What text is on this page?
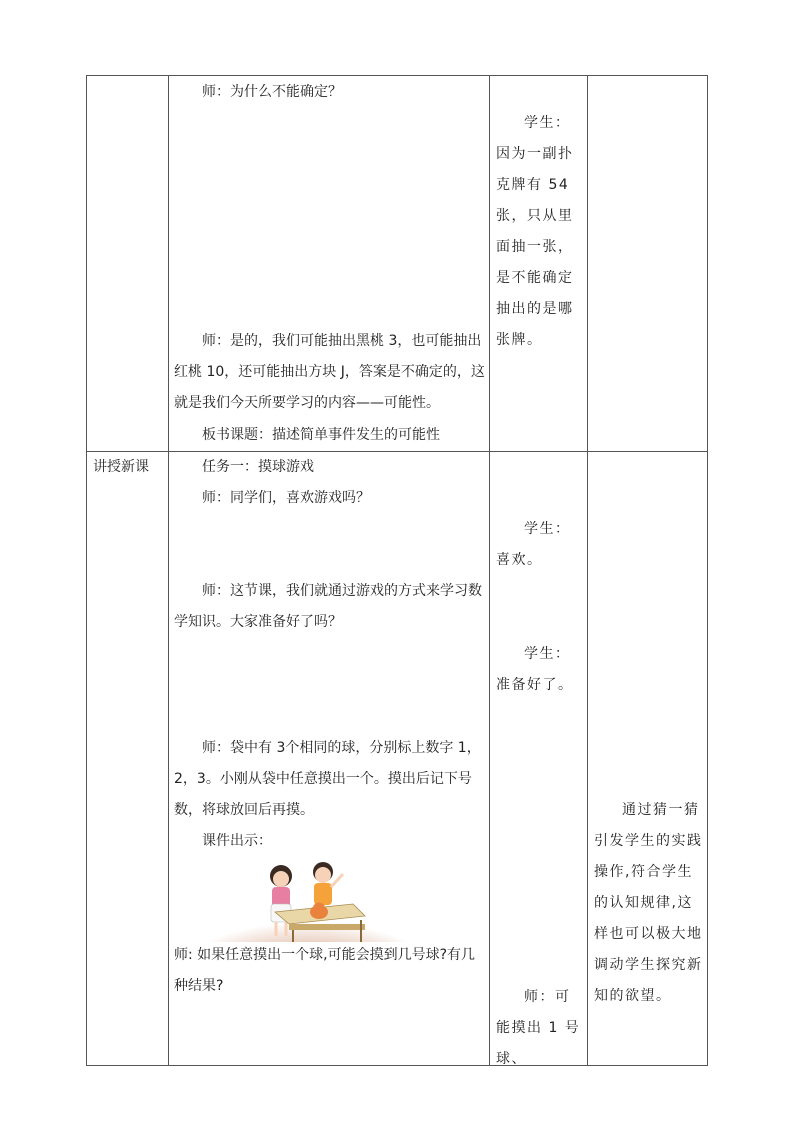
讲授新课
师：为什么不能确定？
师：是的，我们可能抽出黑桃 3，也可能抽出红桃 10，还可能抽出方块 J，答案是不确定的，这就是我们今天所要学习的内容——可能性。
板书课题：描述简单事件发生的可能性
任务一：摸球游戏
师：同学们，喜欢游戏吗？
师：这节课，我们就通过游戏的方式来学习数学知识。大家准备好了吗？
师：袋中有 3个相同的球，分别标上数字 1，2，3。小刚从袋中任意摸出一个。摸出后记下号数，将球放回后再摸。
课件出示：
师: 如果任意摸出一个球,可能会摸到几号球?有几种结果?
学生：因为一副扑克牌有 54 张，只从里面抽一张，是不能确定抽出的是哪张牌。
学生：喜欢。
学生：准备好了。
师：可能摸出 1 号球、
通过猜一猜引发学生的实践操作,符合学生的认知规律,这样也可以极大地调动学生探究新知的欲望。
